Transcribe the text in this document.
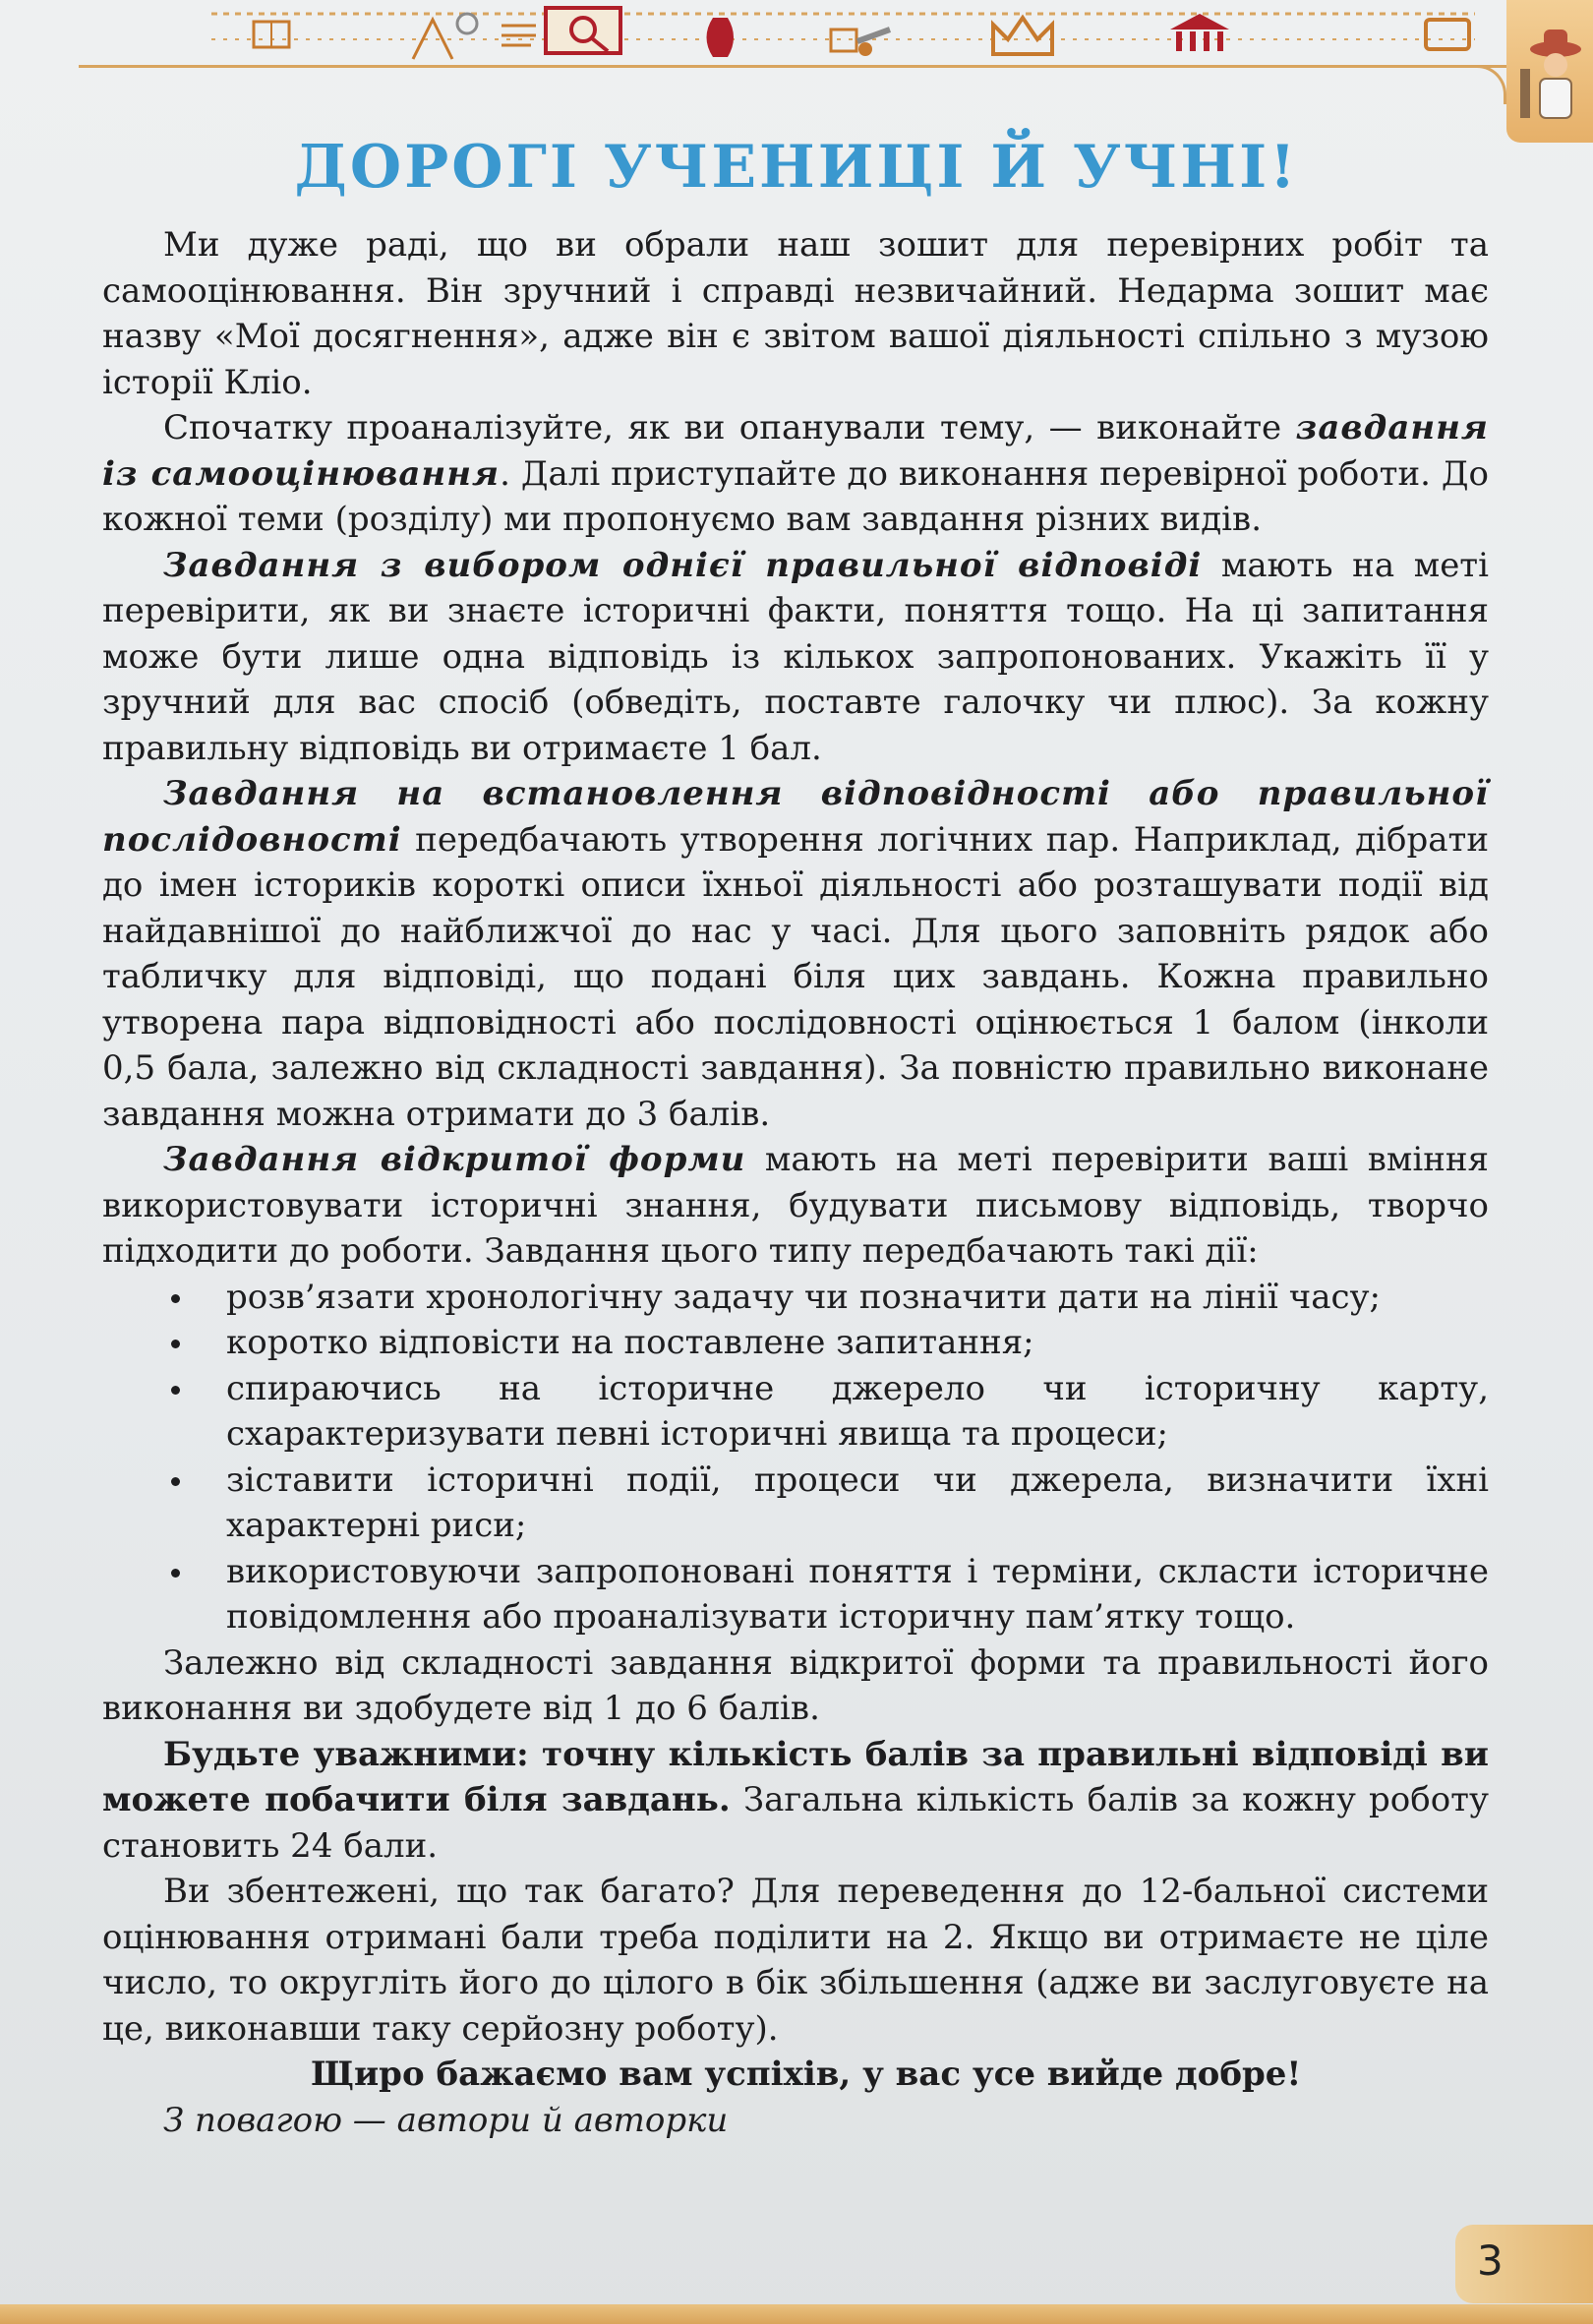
ДОРОГІ УЧЕНИЦІ Й УЧНІ!

Ми дуже раді, що ви обрали наш зошит для перевірних робіт та самооцінювання. Він зручний і справді незвичайний. Недарма зошит має назву «Мої досягнення», адже він є звітом вашої діяльності спільно з музою історії Кліо.

Спочатку проаналізуйте, як ви опанували тему, — виконайте завдання із самооцінювання. Далі приступайте до виконання перевірної роботи. До кожної теми (розділу) ми пропонуємо вам завдання різних видів.

Завдання з вибором однієї правильної відповіді мають на меті перевірити, як ви знаєте історичні факти, поняття тощо. На ці запитання може бути лише одна відповідь із кількох запропонованих. Укажіть її у зручний для вас спосіб (обведіть, поставте галочку чи плюс). За кожну правильну відповідь ви отримаєте 1 бал.

Завдання на встановлення відповідності або правильної послідовності передбачають утворення логічних пар. Наприклад, дібрати до імен істориків короткі описи їхньої діяльності або розташувати події від найдавнішої до найближчої до нас у часі. Для цього заповніть рядок або табличку для відповіді, що подані біля цих завдань. Кожна правильно утворена пара відповідності або послідовності оцінюється 1 балом (інколи 0,5 бала, залежно від складності завдання). За повністю правильно виконане завдання можна отримати до 3 балів.

Завдання відкритої форми мають на меті перевірити ваші вміння використовувати історичні знання, будувати письмову відповідь, творчо підходити до роботи. Завдання цього типу передбачають такі дії:

розв’язати хронологічну задачу чи позначити дати на лінії часу;
коротко відповісти на поставлене запитання;
спираючись на історичне джерело чи історичну карту, схарактеризувати певні історичні явища та процеси;
зіставити історичні події, процеси чи джерела, визначити їхні характерні риси;
використовуючи запропоновані поняття і терміни, скласти історичне повідомлення або проаналізувати історичну пам’ятку тощо.

Залежно від складності завдання відкритої форми та правильності його виконання ви здобудете від 1 до 6 балів.

Будьте уважними: точну кількість балів за правильні відповіді ви можете побачити біля завдань. Загальна кількість балів за кожну роботу становить 24 бали.

Ви збентежені, що так багато? Для переведення до 12-бальної системи оцінювання отримані бали треба поділити на 2. Якщо ви отримаєте не ціле число, то округліть його до цілого в бік збільшення (адже ви заслуговуєте на це, виконавши таку серйозну роботу).

Щиро бажаємо вам успіхів, у вас усе вийде добре!

З повагою — автори й авторки

3
